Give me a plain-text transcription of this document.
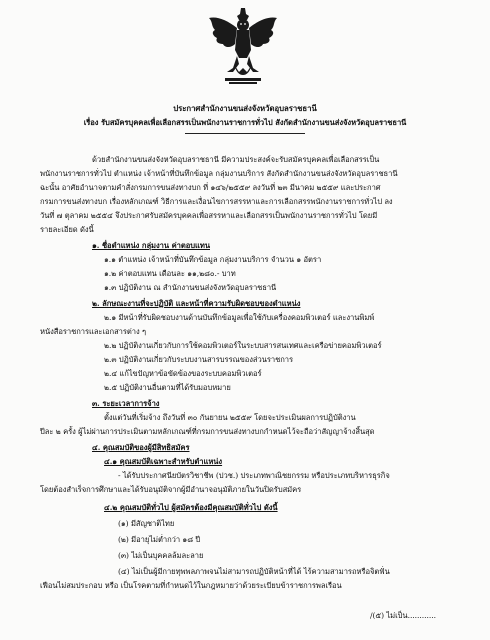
ประกาศสำนักงานขนส่งจังหวัดอุบลราชธานี
เรื่อง รับสมัครบุคคลเพื่อเลือกสรรเป็นพนักงานราชการทั่วไป สังกัดสำนักงานขนส่งจังหวัดอุบลราชธานี
ด้วยสำนักงานขนส่งจังหวัดอุบลราชธานี มีความประสงค์จะรับสมัครบุคคลเพื่อเลือกสรรเป็น
พนักงานราชการทั่วไป ตำแหน่ง เจ้าหน้าที่บันทึกข้อมูล กลุ่มงานบริการ สังกัดสำนักงานขนส่งจังหวัดอุบลราชธานี
ฉะนั้น อาศัยอำนาจตามคำสั่งกรมการขนส่งทางบก ที่ ๑๔๖/๒๕๕๙ ลงวันที่ ๒๓ มีนาคม ๒๕๕๙ และประกาศ
กรมการขนส่งทางบก เรื่องหลักเกณฑ์ วิธีการและเงื่อนไขการสรรหาและการเลือกสรรพนักงานราชการทั่วไป ลง
วันที่ ๗ ตุลาคม ๒๕๕๔ จึงประกาศรับสมัครบุคคลเพื่อสรรหาและเลือกสรรเป็นพนักงานราชการทั่วไป โดยมี
รายละเอียด ดังนี้
๑. ชื่อตำแหน่ง กลุ่มงาน ค่าตอบแทน
๑.๑ ตำแหน่ง เจ้าหน้าที่บันทึกข้อมูล กลุ่มงานบริการ จำนวน ๑ อัตรา
๑.๒ ค่าตอบแทน เดือนละ ๑๑,๒๘๐.- บาท
๑.๓ ปฏิบัติงาน ณ สำนักงานขนส่งจังหวัดอุบลราชธานี
๒. ลักษณะงานที่จะปฏิบัติ และหน้าที่ความรับผิดชอบของตำแหน่ง
๒.๑ มีหน้าที่รับผิดชอบงานด้านบันทึกข้อมูลเพื่อใช้กับเครื่องคอมพิวเตอร์ และงานพิมพ์
หนังสือราชการและเอกสารต่าง ๆ
๒.๒ ปฏิบัติงานเกี่ยวกับการใช้คอมพิวเตอร์ในระบบสารสนเทศและเครือข่ายคอมพิวเตอร์
๒.๓ ปฏิบัติงานเกี่ยวกับระบบงานสารบรรณของส่วนราชการ
๒.๔ แก้ไขปัญหาข้อขัดข้องของระบบคอมพิวเตอร์
๒.๕ ปฏิบัติงานอื่นตามที่ได้รับมอบหมาย
๓. ระยะเวลาการจ้าง
ตั้งแต่วันที่เริ่มจ้าง ถึงวันที่ ๓๐ กันยายน ๒๕๕๙ โดยจะประเมินผลการปฏิบัติงาน
ปีละ ๒ ครั้ง ผู้ไม่ผ่านการประเมินตามหลักเกณฑ์ที่กรมการขนส่งทางบกกำหนดไว้จะถือว่าสัญญาจ้างสิ้นสุด
๔. คุณสมบัติของผู้มีสิทธิสมัคร
๔.๑ คุณสมบัติเฉพาะสำหรับตำแหน่ง
- ได้รับประกาศนียบัตรวิชาชีพ (ปวช.) ประเภทพาณิชยกรรม หรือประเภทบริหารธุรกิจ
โดยต้องสำเร็จการศึกษาและได้รับอนุมัติจากผู้มีอำนาจอนุมัติภายในวันปิดรับสมัคร
๔.๒ คุณสมบัติทั่วไป ผู้สมัครต้องมีคุณสมบัติทั่วไป ดังนี้
(๑) มีสัญชาติไทย
(๒) มีอายุไม่ต่ำกว่า ๑๘ ปี
(๓) ไม่เป็นบุคคลล้มละลาย
(๔) ไม่เป็นผู้มีกายทุพพลภาพจนไม่สามารถปฏิบัติหน้าที่ได้ ไร้ความสามารถหรือจิตฟั่น
เฟือนไม่สมประกอบ หรือ เป็นโรคตามที่กำหนดไว้ในกฎหมายว่าด้วยระเบียบข้าราชการพลเรือน
/(๕) ไม่เป็น............
